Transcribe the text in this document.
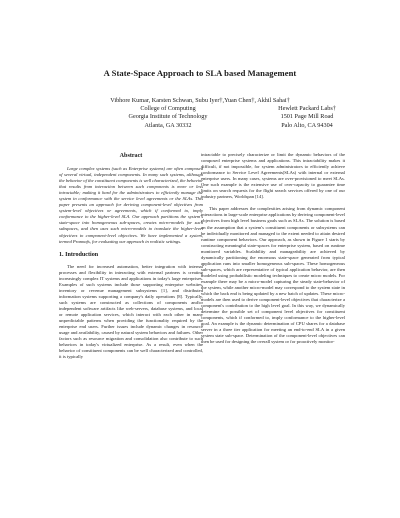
A State-Space Approach to SLA based Management
Vibhore Kumar, Karsten Schwan, Subu Iyer†,Yuan Chen†, Akhil Sahai†
College of Computing
Georgia Institute of Technology
Atlanta, GA 30332
Hewlett Packard Labs†
1501 Page Mill Road
Palo Alto, CA 94304
Abstract
Large complex systems (such as Enterprise systems) are often composed of several virtual, independent components. In many such systems, although the behavior of the constituent components is well characterized, the behavior that results from interaction between such components is more or less intractable; making it hard for the administrators to efficiently manage the system in conformance with the service level agreements or the SLAs. This paper presents an approach for deriving component-level objectives from system-level objectives or agreements, which if conformed to, imply conformance to the higher-level SLA. Our approach partitions the system's state-space into homogeneous sub-spaces, creates micro-models for such subspaces, and then uses such micro-models to translate the higher-level objectives to component-level objectives. We have implemented a system, termed Prannafs, for evaluating our approach in realistic settings.
1. Introduction

The need for increased automation, better integration with internal processes and flexibility in interacting with external partners is creating increasingly complex IT systems and applications in today's large enterprises. Examples of such systems include those supporting enterprise websites, inventory or revenue management subsystems [1], and distributed information systems supporting a company's daily operations [8]. Typically, such systems are constructed as collections of components and/or independent software artifacts like web-servers, database systems, and local or remote application services, which interact with each other in many unpredictable patterns when providing the functionality required by the enterprise end users. Further issues include dynamic changes in resource usage and availability, caused by natural system behaviors and failures. Other factors such as resource migration and consolidation also contribute to such behaviors in today's virtualized enterprise. As a result, even when the behavior of constituent components can be well characterized and controlled, it is typically

intractable to precisely characterize or limit the dynamic behaviors of the composed enterprise systems and applications. This intractability makes it difficult, if not impossible, for system administrators to efficiently achieve conformance to Service Level Agreements(SLAs) with internal or external enterprise users. In many cases, systems are over-provisioned to meet SLAs. One such example is the extensive use of over-capacity to guarantee time limits on search requests for the flight search services offered by one of our industry partners, Worldspan [14].

This paper addresses the complexities arising from dynamic component interactions in large-scale enterprise applications by deriving component-level objectives from high level business goals such as SLAs. The solution is based on the assumption that a system's constituent components or subsystems can be individually monitored and managed to the extent needed to attain desired runtime component behaviors. Our approach, as shown in Figure 1 starts by constructing meaningful state-spaces for enterprise system, based on runtime monitored variables. Scalability and manageability are achieved by dynamically partitioning the enormous state-space generated from typical application runs into smaller homogeneous sub-spaces. These homogeneous sub-spaces, which are representative of typical application behavior, are then modeled using probabilistic modeling techniques to create micro models. For example there may be a micro-model capturing the steady state-behavior of the system, while another micro-model may correspond to the system state in which the back end is being updated by a new batch of updates. These micro-models are then used to derive component-level objectives that characterize a component's contribution to the high level goal. In this way, we dynamically determine the possible set of component level objectives for constituent components, which if conformed to, imply conformance to the higher-level goal. An example is the dynamic determination of CPU shares for a database server in a three tier application for meeting an end-to-end SLA in a given system state sub-space. Determination of the component-level objectives can then be used for designing the overall system or for proactively monitor-
